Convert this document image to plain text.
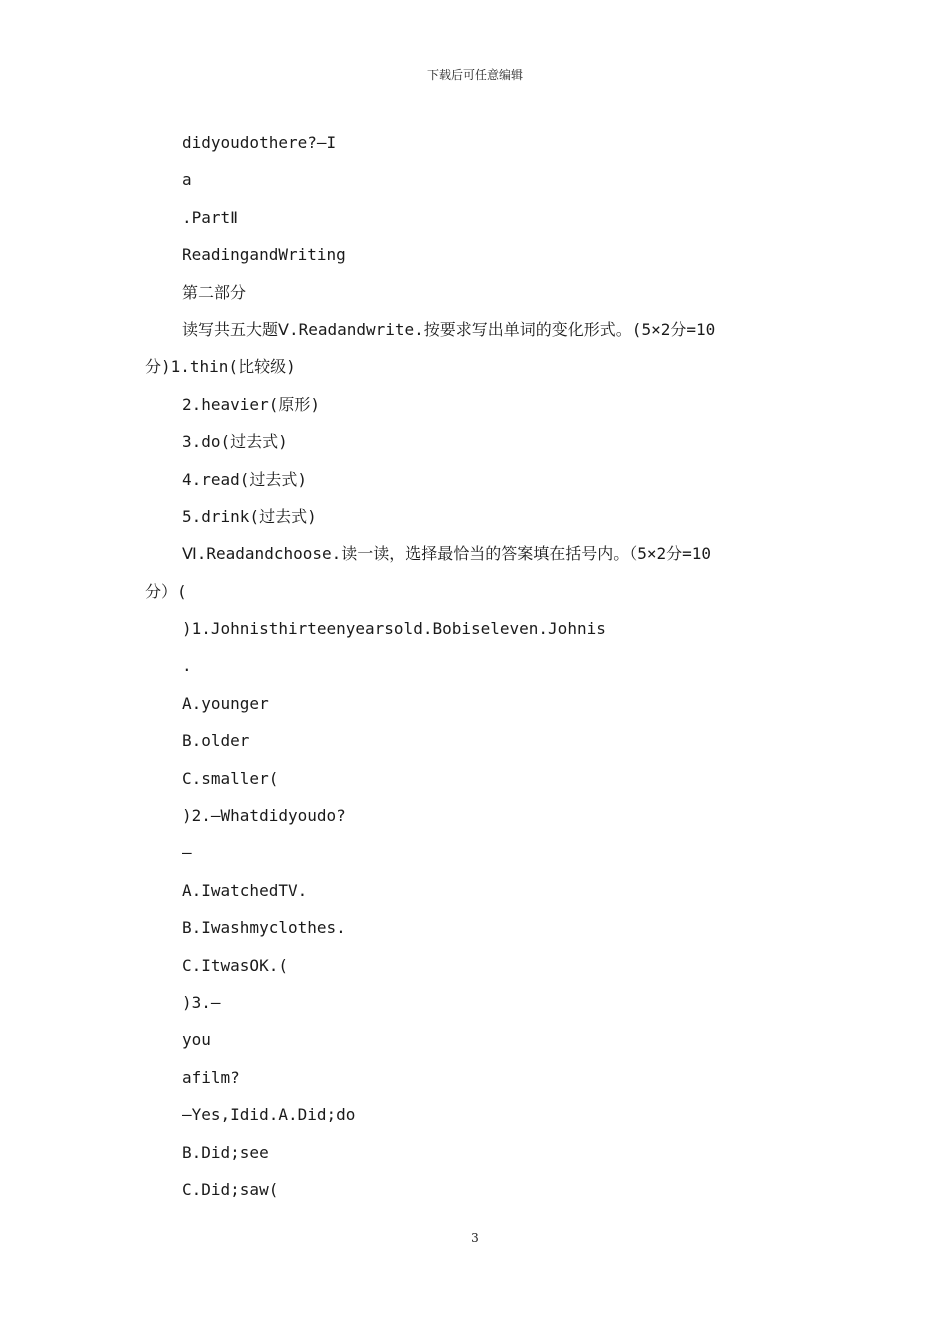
下载后可任意编辑
didyoudothere?—I
a
.PartⅡ
ReadingandWriting
第二部分
读写共五大题Ⅴ.Readandwrite.按要求写出单词的变化形式。(5×2分=10
分)1.thin(比较级)
2.heavier(原形)
3.do(过去式)
4.read(过去式)
5.drink(过去式)
Ⅵ.Readandchoose.读一读，选择最恰当的答案填在括号内。（5×2分=10
分）(
)1.Johnisthirteenyearsold.Bobiseleven.Johnis
.
A.younger
B.older
C.smaller(
)2.—Whatdidyoudo?
—
A.IwatchedTV.
B.Iwashmyclothes.
C.ItwasOK.(
)3.—
you
afilm?
—Yes,Idid.A.Did;do
B.Did;see
C.Did;saw(
3
